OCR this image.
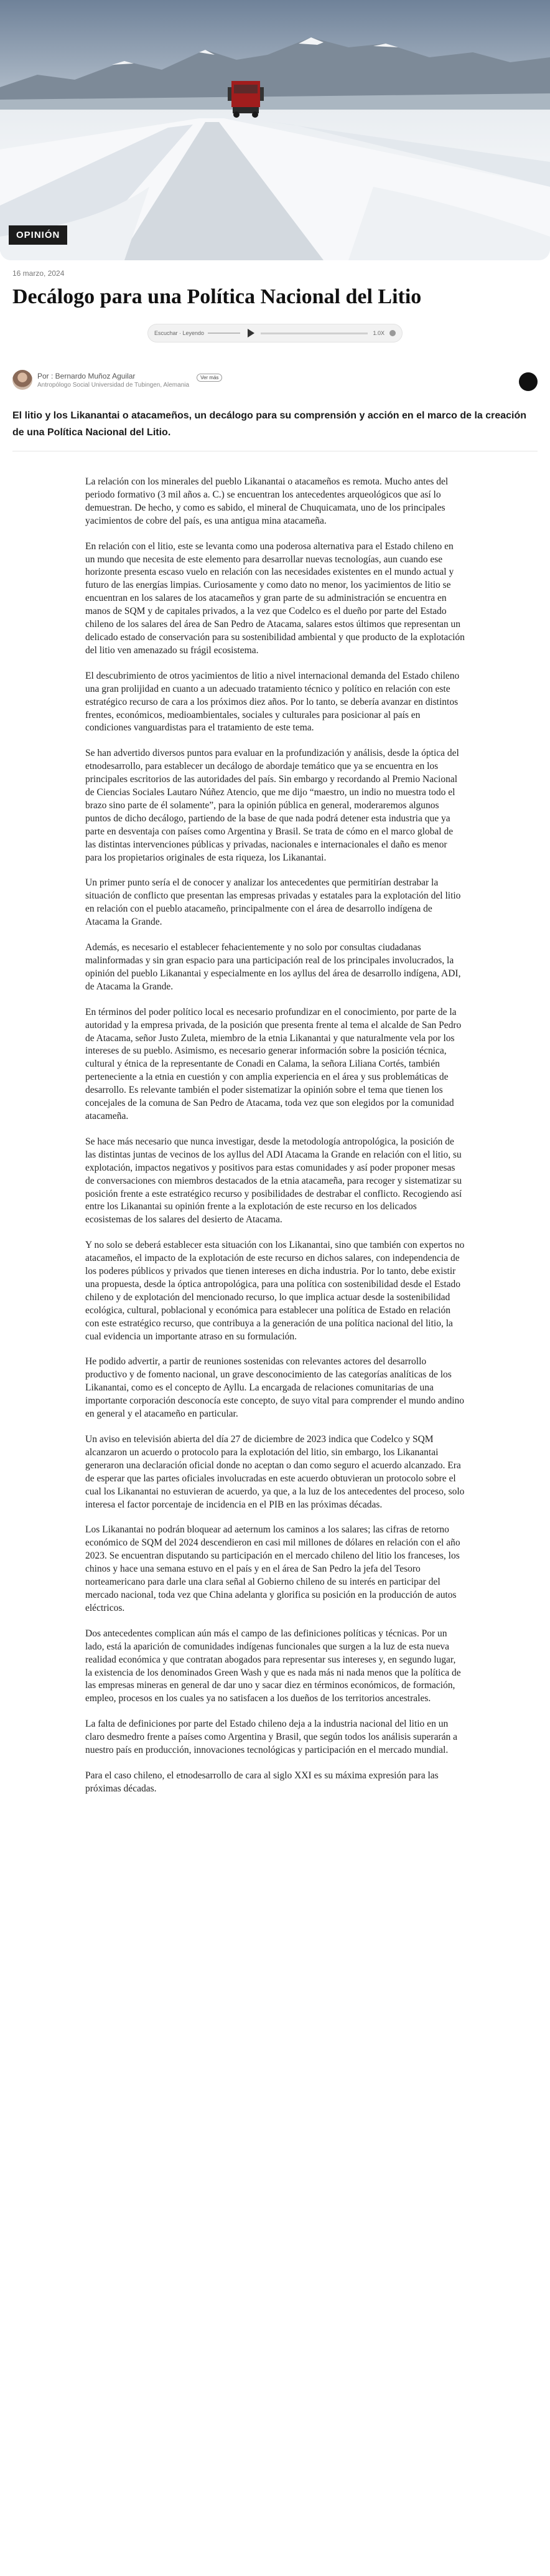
OPINIÓN
16 marzo, 2024
Decálogo para una Política Nacional del Litio
Escuchar · Leyendo	1.0X
Por : Bernardo Muñoz Aguilar
Antropólogo Social Universidad de Tubingen, Alemania
Ver más

El litio y los Likanantai o atacameños, un decálogo para su comprensión y acción en el marco de la creación de una Política Nacional del Litio.

La relación con los minerales del pueblo Likanantai o atacameños es remota. Mucho antes del periodo formativo (3 mil años a. C.) se encuentran los antecedentes arqueológicos que así lo demuestran. De hecho, y como es sabido, el mineral de Chuquicamata, uno de los principales yacimientos de cobre del país, es una antigua mina atacameña.

En relación con el litio, este se levanta como una poderosa alternativa para el Estado chileno en un mundo que necesita de este elemento para desarrollar nuevas tecnologías, aun cuando ese horizonte presenta escaso vuelo en relación con las necesidades existentes en el mundo actual y futuro de las energías limpias. Curiosamente y como dato no menor, los yacimientos de litio se encuentran en los salares de los atacameños y gran parte de su administración se encuentra en manos de SQM y de capitales privados, a la vez que Codelco es el dueño por parte del Estado chileno de los salares del área de San Pedro de Atacama, salares estos últimos que representan un delicado estado de conservación para su sostenibilidad ambiental y que producto de la explotación del litio ven amenazado su frágil ecosistema.

El descubrimiento de otros yacimientos de litio a nivel internacional demanda del Estado chileno una gran prolijidad en cuanto a un adecuado tratamiento técnico y político en relación con este estratégico recurso de cara a los próximos diez años. Por lo tanto, se debería avanzar en distintos frentes, económicos, medioambientales, sociales y culturales para posicionar al país en condiciones vanguardistas para el tratamiento de este tema.

Se han advertido diversos puntos para evaluar en la profundización y análisis, desde la óptica del etnodesarrollo, para establecer un decálogo de abordaje temático que ya se encuentra en los principales escritorios de las autoridades del país. Sin embargo y recordando al Premio Nacional de Ciencias Sociales Lautaro Núñez Atencio, que me dijo “maestro, un indio no muestra todo el brazo sino parte de él solamente”, para la opinión pública en general, moderaremos algunos puntos de dicho decálogo, partiendo de la base de que nada podrá detener esta industria que ya parte en desventaja con países como Argentina y Brasil. Se trata de cómo en el marco global de las distintas intervenciones públicas y privadas, nacionales e internacionales el daño es menor para los propietarios originales de esta riqueza, los Likanantai.

Un primer punto sería el de conocer y analizar los antecedentes que permitirían destrabar la situación de conflicto que presentan las empresas privadas y estatales para la explotación del litio en relación con el pueblo atacameño, principalmente con el área de desarrollo indígena de Atacama la Grande.

Además, es necesario el establecer fehacientemente y no solo por consultas ciudadanas malinformadas y sin gran espacio para una participación real de los principales involucrados, la opinión del pueblo Likanantai y especialmente en los ayllus del área de desarrollo indígena, ADI, de Atacama la Grande.

En términos del poder político local es necesario profundizar en el conocimiento, por parte de la autoridad y la empresa privada, de la posición que presenta frente al tema el alcalde de San Pedro de Atacama, señor Justo Zuleta, miembro de la etnia Likanantai y que naturalmente vela por los intereses de su pueblo. Asimismo, es necesario generar información sobre la posición técnica, cultural y étnica de la representante de Conadi en Calama, la señora Liliana Cortés, también perteneciente a la etnia en cuestión y con amplia experiencia en el área y sus problemáticas de desarrollo. Es relevante también el poder sistematizar la opinión sobre el tema que tienen los concejales de la comuna de San Pedro de Atacama, toda vez que son elegidos por la comunidad atacameña.

Se hace más necesario que nunca investigar, desde la metodología antropológica, la posición de las distintas juntas de vecinos de los ayllus del ADI Atacama la Grande en relación con el litio, su explotación, impactos negativos y positivos para estas comunidades y así poder proponer mesas de conversaciones con miembros destacados de la etnia atacameña, para recoger y sistematizar su posición frente a este estratégico recurso y posibilidades de destrabar el conflicto. Recogiendo así entre los Likanantai su opinión frente a la explotación de este recurso en los delicados ecosistemas de los salares del desierto de Atacama.

Y no solo se deberá establecer esta situación con los Likanantai, sino que también con expertos no atacameños, el impacto de la explotación de este recurso en dichos salares, con independencia de los poderes públicos y privados que tienen intereses en dicha industria. Por lo tanto, debe existir una propuesta, desde la óptica antropológica, para una política con sostenibilidad desde el Estado chileno y de explotación del mencionado recurso, lo que implica actuar desde la sostenibilidad ecológica, cultural, poblacional y económica para establecer una política de Estado en relación con este estratégico recurso, que contribuya a la generación de una política nacional del litio, la cual evidencia un importante atraso en su formulación.

He podido advertir, a partir de reuniones sostenidas con relevantes actores del desarrollo productivo y de fomento nacional, un grave desconocimiento de las categorías analíticas de los Likanantai, como es el concepto de Ayllu. La encargada de relaciones comunitarias de una importante corporación desconocía este concepto, de suyo vital para comprender el mundo andino en general y el atacameño en particular.

Un aviso en televisión abierta del día 27 de diciembre de 2023 indica que Codelco y SQM alcanzaron un acuerdo o protocolo para la explotación del litio, sin embargo, los Likanantai generaron una declaración oficial donde no aceptan o dan como seguro el acuerdo alcanzado. Era de esperar que las partes oficiales involucradas en este acuerdo obtuvieran un protocolo sobre el cual los Likanantai no estuvieran de acuerdo, ya que, a la luz de los antecedentes del proceso, solo interesa el factor porcentaje de incidencia en el PIB en las próximas décadas.

Los Likanantai no podrán bloquear ad aeternum los caminos a los salares; las cifras de retorno económico de SQM del 2024 descendieron en casi mil millones de dólares en relación con el año 2023. Se encuentran disputando su participación en el mercado chileno del litio los franceses, los chinos y hace una semana estuvo en el país y en el área de San Pedro la jefa del Tesoro norteamericano para darle una clara señal al Gobierno chileno de su interés en participar del mercado nacional, toda vez que China adelanta y glorifica su posición en la producción de autos eléctricos.

Dos antecedentes complican aún más el campo de las definiciones políticas y técnicas. Por un lado, está la aparición de comunidades indígenas funcionales que surgen a la luz de esta nueva realidad económica y que contratan abogados para representar sus intereses y, en segundo lugar, la existencia de los denominados Green Wash y que es nada más ni nada menos que la política de las empresas mineras en general de dar uno y sacar diez en términos económicos, de formación, empleo, procesos en los cuales ya no satisfacen a los dueños de los territorios ancestrales.

La falta de definiciones por parte del Estado chileno deja a la industria nacional del litio en un claro desmedro frente a países como Argentina y Brasil, que según todos los análisis superarán a nuestro país en producción, innovaciones tecnológicas y participación en el mercado mundial.

Para el caso chileno, el etnodesarrollo de cara al siglo XXI es su máxima expresión para las próximas décadas.
